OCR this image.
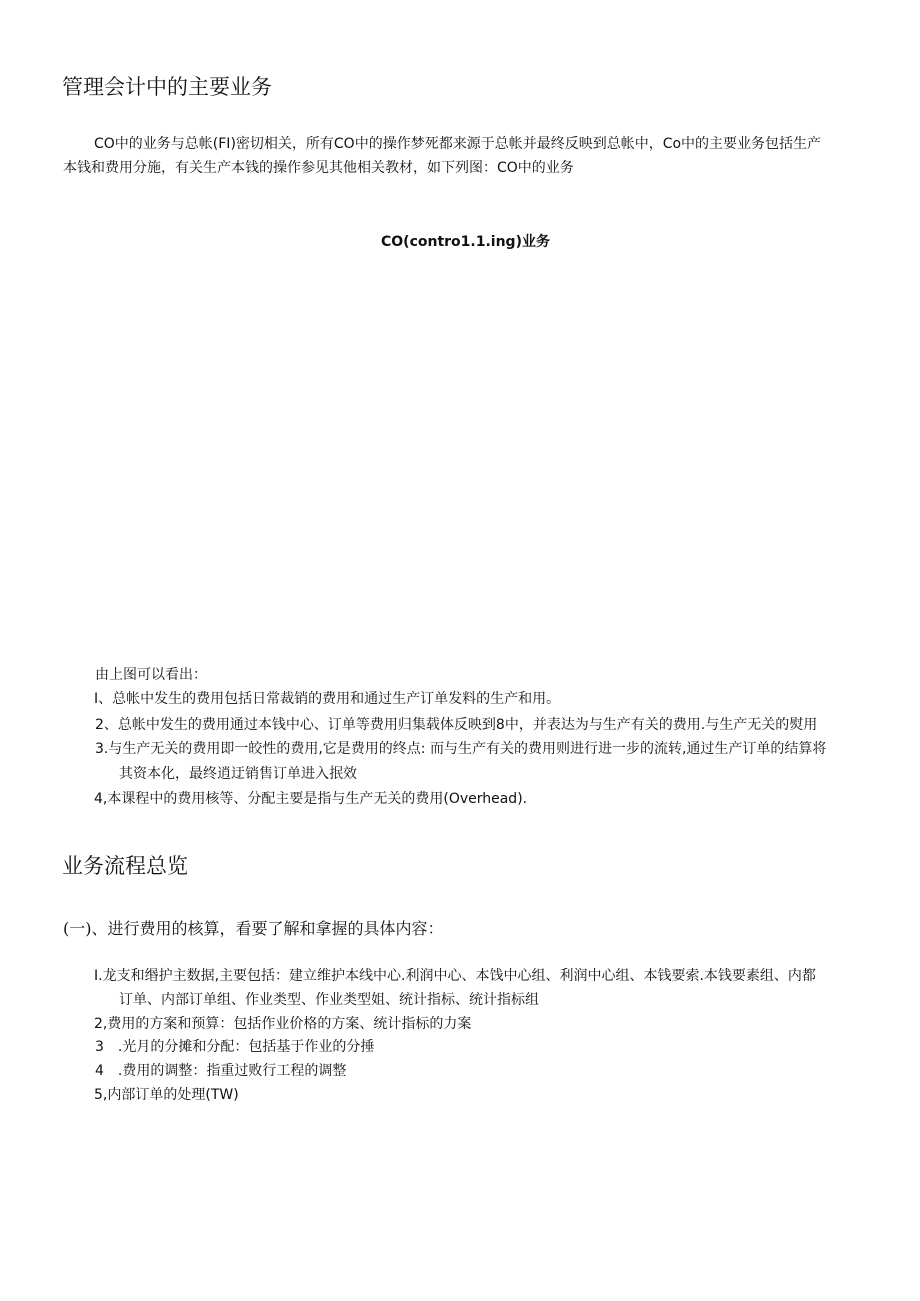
管理会计中的主要业务
CO中的业务与总帐(FI)密切相关，所有CO中的操作梦死都来源于总帐并最终反映到总帐中，Co中的主要业务包括生产
本钱和费用分施，有关生产本钱的操作参见其他相关教材，如下列图：CO中的业务
CO(contro1.1.ing)业务
由上图可以看出：
I、总帐中发生的费用包括日常裁销的费用和通过生产订单发料的生产和用。
2、总帐中发生的费用通过本钱中心、订单等费用归集载体反映到8中，并表达为与生产有关的费用.与生产无关的熨用
3.与生产无关的费用即一皎性的费用,它是费用的终点: 而与生产有关的费用则进行进一步的流转,通过生产订单的结算将
其资本化，最终逍迂销售订单进入抿效
4,本课程中的费用核等、分配主要是指与生产无关的费用(Overhead).
业务流程总览
(一)、进行费用的核算，看要了解和拿握的具体内容：
I.龙支和缗护主数据,主要包括：建立维护本线中心.利润中心、本饯中心组、利润中心组、本钱要索.本钱要素组、内都
订单、内部订单组、作业类型、作业类型姐、统计指标、统计指标组
2,费用的方案和预算：包括作业价格的方案、统计指标的力案
3　.光月的分摊和分配：包括基于作业的分捶
4　.费用的调整：指重过败行工程的调整
5,内部订单的处理(TW)
